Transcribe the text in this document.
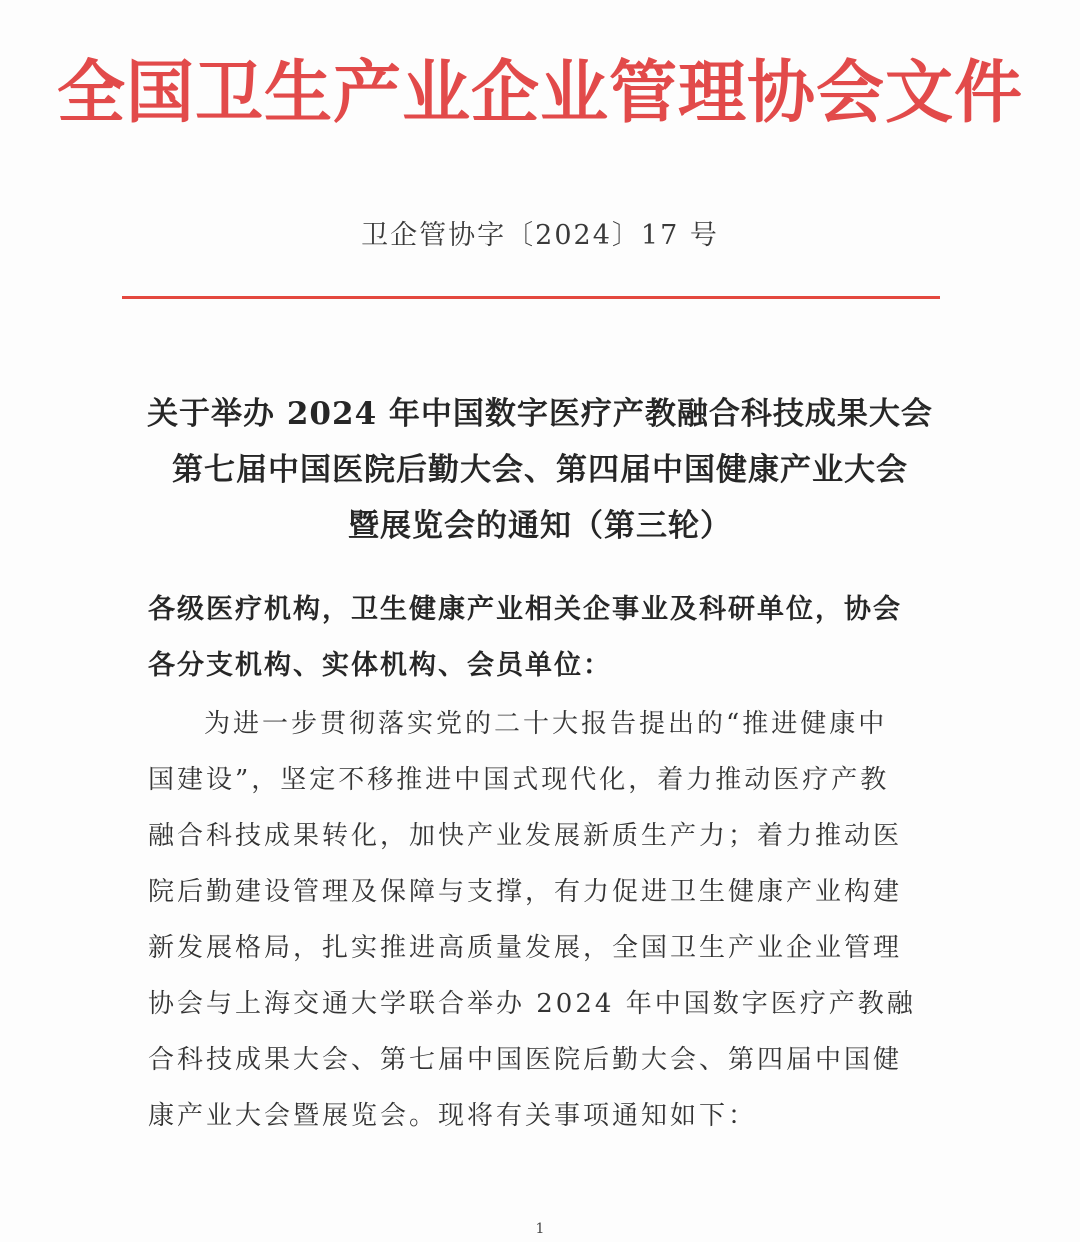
全国卫生产业企业管理协会文件
卫企管协字〔2024〕17 号
关于举办 2024 年中国数字医疗产教融合科技成果大会
第七届中国医院后勤大会、第四届中国健康产业大会
暨展览会的通知（第三轮）
各级医疗机构，卫生健康产业相关企事业及科研单位，协会
各分支机构、实体机构、会员单位：
为进一步贯彻落实党的二十大报告提出的“推进健康中
国建设”，坚定不移推进中国式现代化，着力推动医疗产教
融合科技成果转化，加快产业发展新质生产力；着力推动医
院后勤建设管理及保障与支撑，有力促进卫生健康产业构建
新发展格局，扎实推进高质量发展，全国卫生产业企业管理
协会与上海交通大学联合举办 2024 年中国数字医疗产教融
合科技成果大会、第七届中国医院后勤大会、第四届中国健
康产业大会暨展览会。现将有关事项通知如下：
1
